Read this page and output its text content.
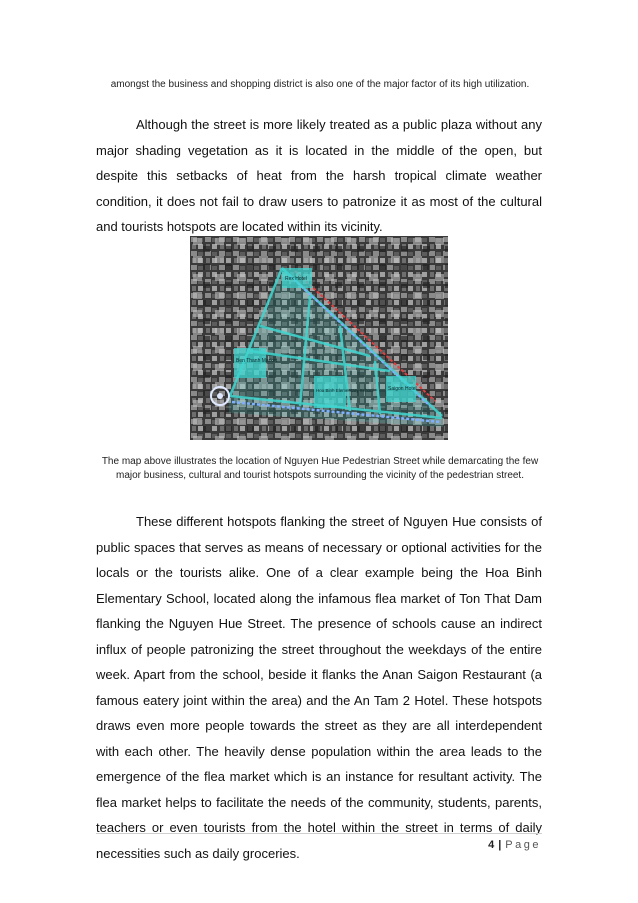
amongst the business and shopping district is also one of the major factor of its high utilization.

Although the street is more likely treated as a public plaza without any major shading vegetation as it is located in the middle of the open, but despite this setbacks of heat from the harsh tropical climate weather condition, it does not fail to draw users to patronize it as most of the cultural and tourists hotspots are located within its vicinity.

Rex Hotel
Ben Thanh Market
Hoa Binh Elementary School	Saigon Hotel
The map above illustrates the location of Nguyen Hue Pedestrian Street while demarcating the few major business, cultural and tourist hotspots surrounding the vicinity of the pedestrian street.

These different hotspots flanking the street of Nguyen Hue consists of public spaces that serves as means of necessary or optional activities for the locals or the tourists alike. One of a clear example being the Hoa Binh Elementary School, located along the infamous flea market of Ton That Dam flanking the Nguyen Hue Street. The presence of schools cause an indirect influx of people patronizing the street throughout the weekdays of the entire week. Apart from the school, beside it flanks the Anan Saigon Restaurant (a famous eatery joint within the area) and the An Tam 2 Hotel. These hotspots draws even more people towards the street as they are all interdependent with each other. The heavily dense population within the area leads to the emergence of the flea market which is an instance for resultant activity. The flea market helps to facilitate the needs of the community, students, parents, teachers or even tourists from the hotel within the street in terms of daily necessities such as daily groceries.

4 | Page
